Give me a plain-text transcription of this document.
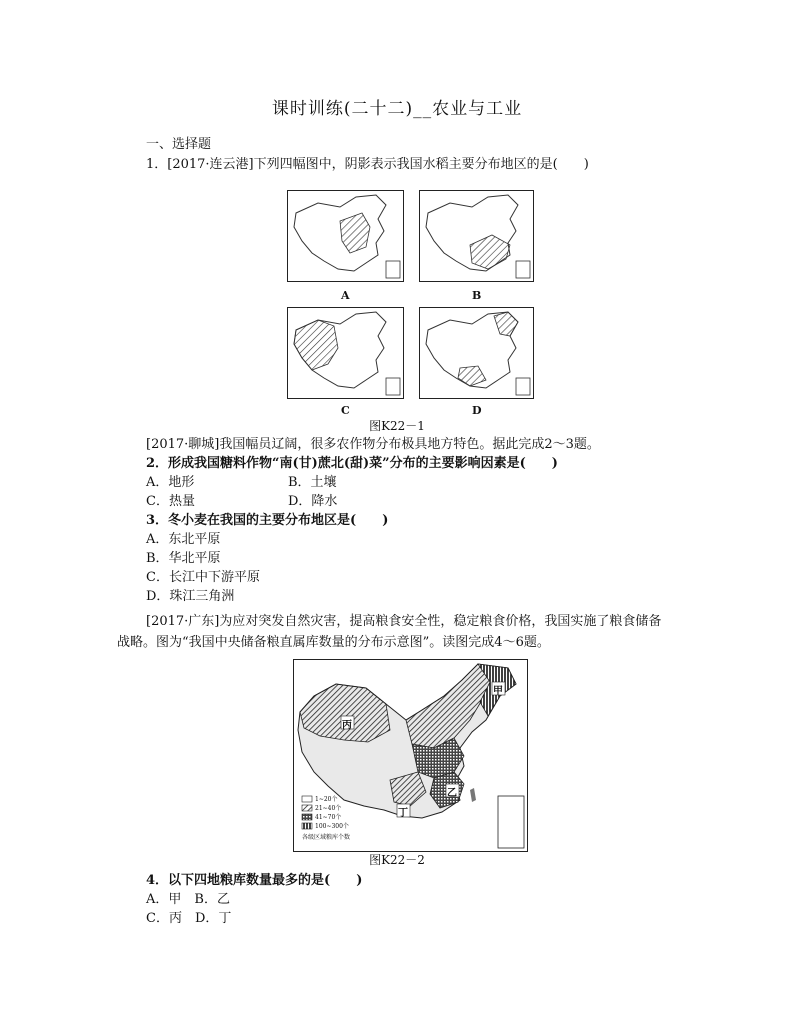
课时训练(二十二)__农业与工业
一、选择题
1．[2017·连云港]下列四幅图中，阴影表示我国水稻主要分布地区的是(　　)
A	B
C	D
图K22－1
[2017·聊城]我国幅员辽阔，很多农作物分布极具地方特色。据此完成2～3题。
2．形成我国糖料作物“南(甘)蔗北(甜)菜”分布的主要影响因素是(　　)
A．地形	B．土壤
C．热量	D．降水
3．冬小麦在我国的主要分布地区是(　　)
A．东北平原
B．华北平原
C．长江中下游平原
D．珠江三角洲
[2017·广东]为应对突发自然灾害，提高粮食安全性，稳定粮食价格，我国实施了粮食储备
战略。图为“我国中央储备粮直属库数量的分布示意图”。读图完成4～6题。
甲
乙
丙
丁
1~20个
21~40个
41~70个
100~300个
各级区域粮库个数
图K22－2
4．以下四地粮库数量最多的是(　　)
A．甲　B．乙
C．丙　D．丁
